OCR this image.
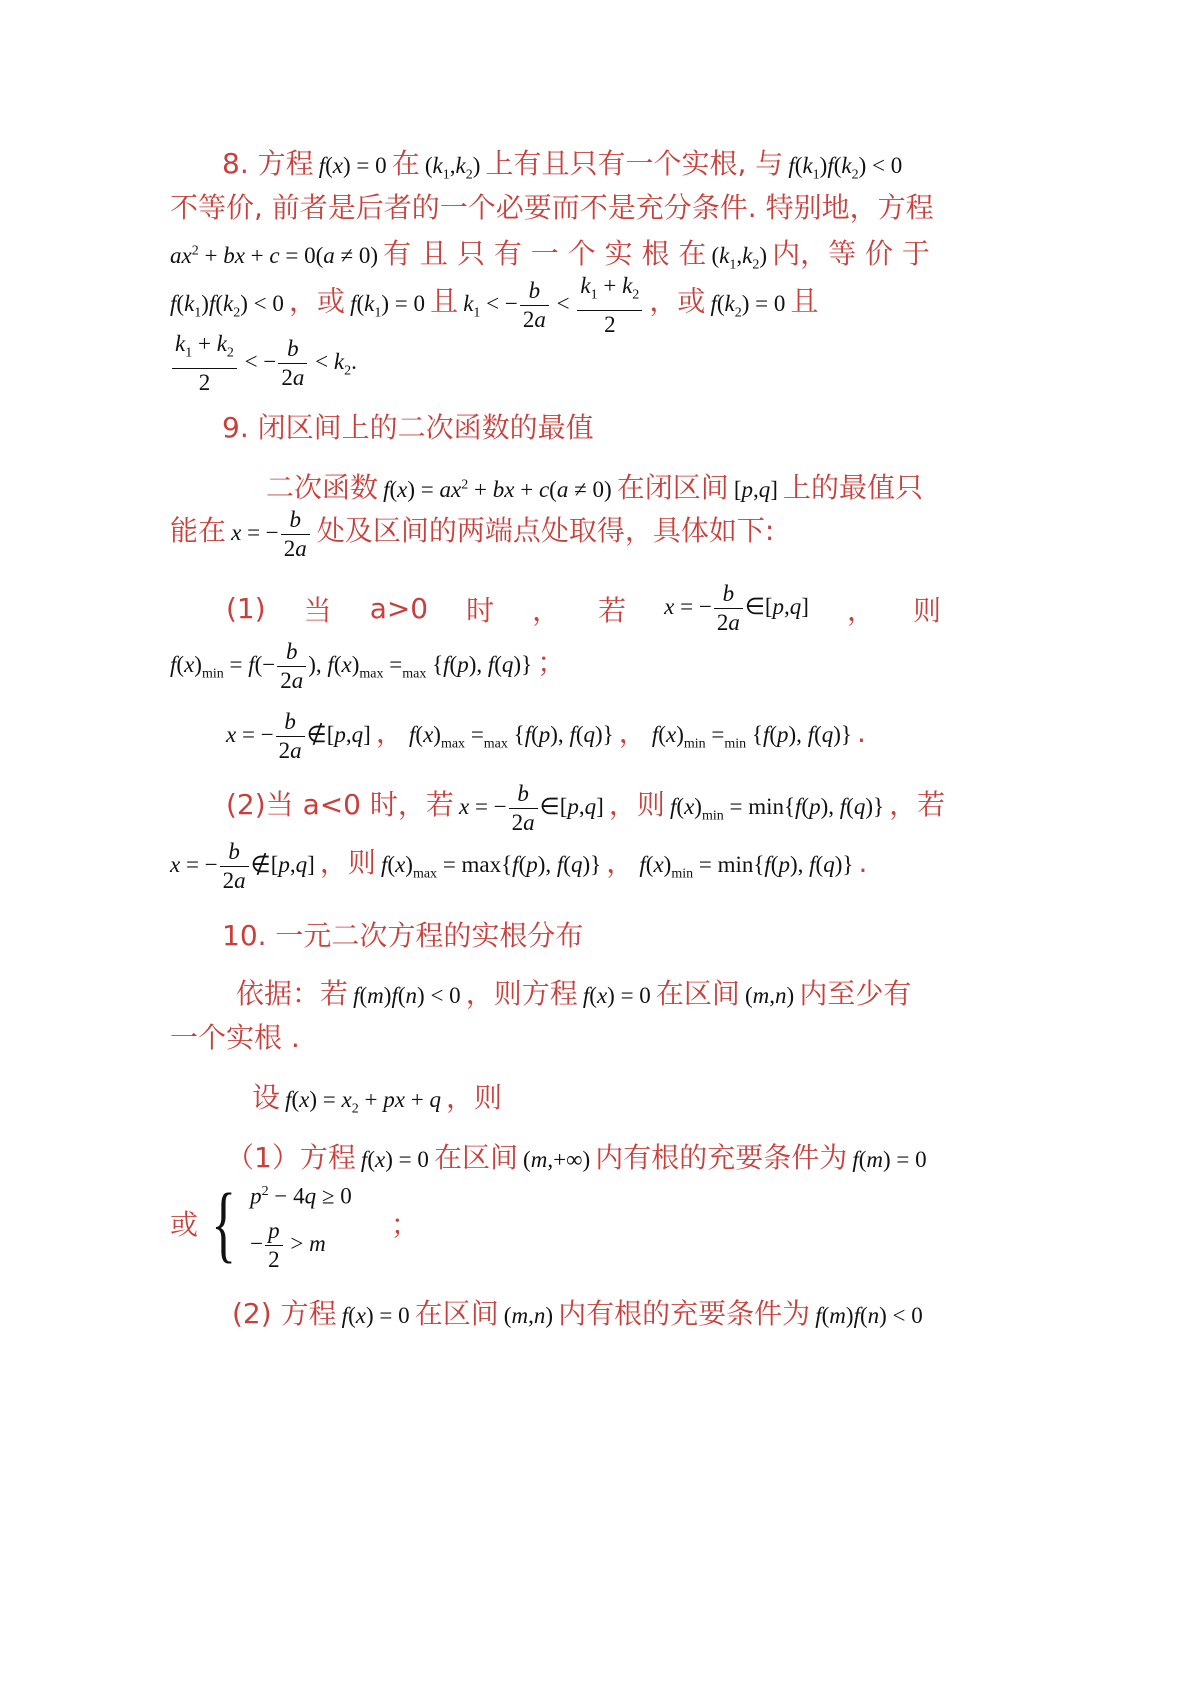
8. 方程 f(x) = 0 在 $(k_1,k_2)$ 上有且只有一个实根, 与 $f(k_1)f(k_2) < 0$
不等价, 前者是后者的一个必要而不是充分条件. 特别地，方程
$ax^2$ + bx + c = 0(a ≠ 0) 有 且 只 有 一 个 实 根 在 $(k_1,k_2)$ 内，等 价 于
$f(k_1)f(k_2) < 0$ ，或 $f(k_1) = 0$ 且 $k_1$ < − $\frac{b}{2a} < \frac{k_1 + k_2}{2}$ ，或 $f(k_2) = 0$ 且
$\frac{k_1 + k_2}{2}$ < − $\frac{b}{2a} < k_2$.
9. 闭区间上的二次函数的最值
二次函数 $f(x) = ax^2$ + bx + c(a ≠ 0) 在闭区间 [p,q] 上的最值只
能在 x = − $\frac{b}{2a}$ 处及区间的两端点处取得，具体如下:
(1) 当 a>0 时 ， 若 x = − $\frac{b}{2a}$ ∈[p,q] ， 则
$f(x)_{min} = f(- \frac{b}{2a}$ ), $f(x)_{max} =_{max}$ {f(p), f(q)} ；
x = − $\frac{b}{2a}$ ∉[p,q] ， $f(x)_{max} =_{max}$ {f(p), f(q)} ， $f(x)_{min} =_{min}$ {f(p), f(q)} .
(2)当 a<0 时，若 x = − $\frac{b}{2a}$ ∈[p,q] ，则 $f(x)_{min} = \min\{f(p)$, f(q)} ，若
x = − $\frac{b}{2a}$ ∉[p,q] ，则 $f(x)_{max} = \max\{f(p)$, f(q)} ， $f(x)_{min} = \min\{f(p)$, f(q)} .
10. 一元二次方程的实根分布
依据：若 f(m)f(n) < 0 ，则方程 f(x) = 0 在区间 (m,n) 内至少有
一个实根 .
设 $f(x) = x_2$ + px + q ，则
（1）方程 f(x) = 0 在区间 (m,+∞) 内有根的充要条件为 f(m) = 0
或 { $p^2 - 4q \ge 0$
− $\frac{p}{2} > m$
；
(2) 方程 f(x) = 0 在区间 (m,n) 内有根的充要条件为 f(m)f(n) < 0
